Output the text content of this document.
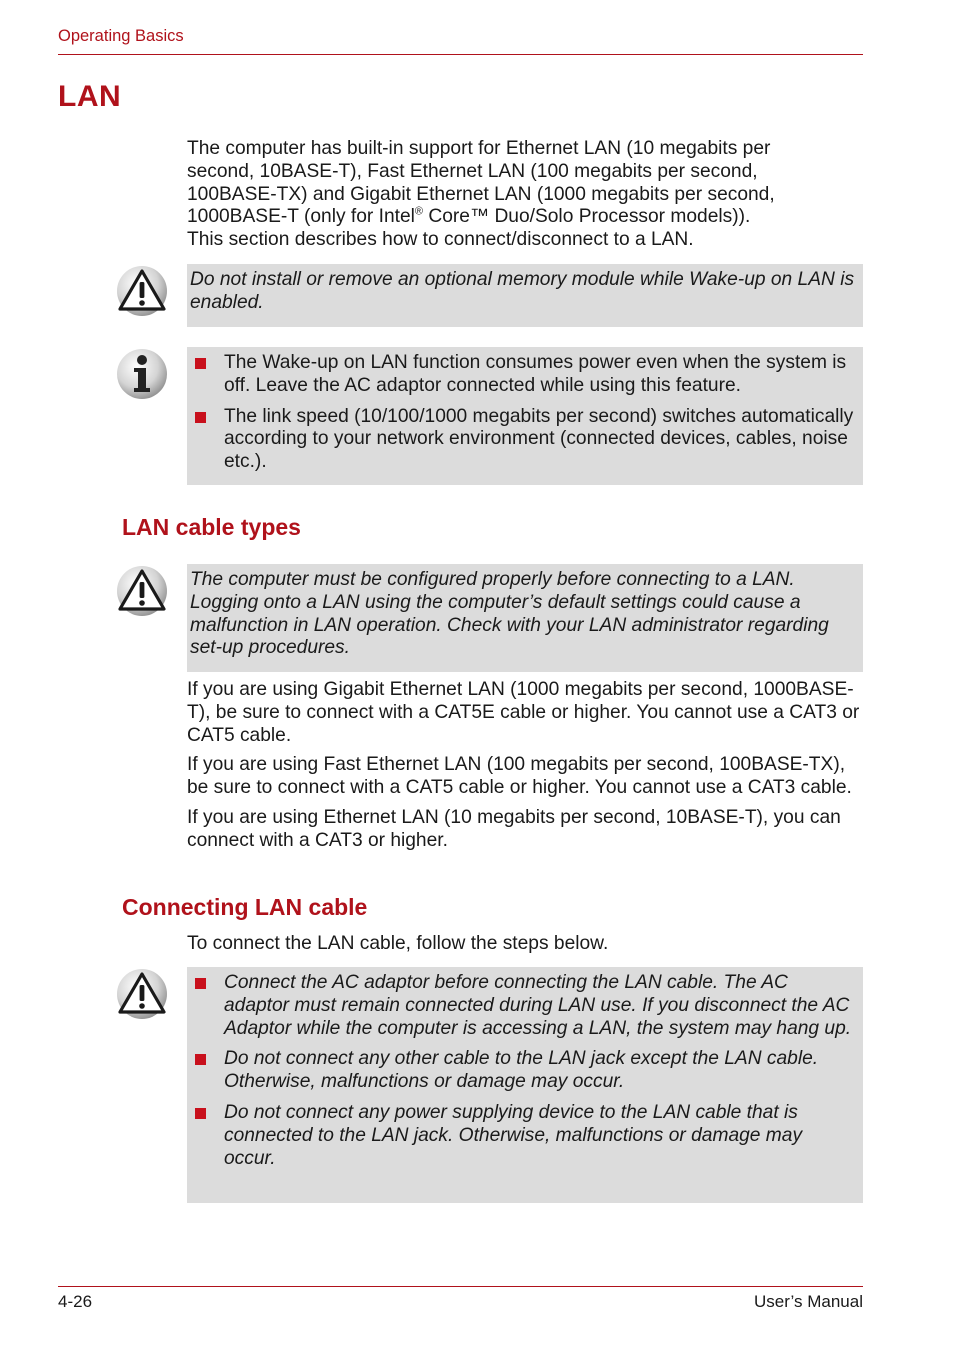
Operating Basics
LAN
The computer has built-in support for Ethernet LAN (10 megabits per
second, 10BASE-T), Fast Ethernet LAN (100 megabits per second,
100BASE-TX) and Gigabit Ethernet LAN (1000 megabits per second,
1000BASE-T (only for Intel® Core™ Duo/Solo Processor models)).
This section describes how to connect/disconnect to a LAN.
Do not install or remove an optional memory module while Wake-up on LAN is enabled.
The Wake-up on LAN function consumes power even when the system is off. Leave the AC adaptor connected while using this feature.
The link speed (10/100/1000 megabits per second) switches automatically according to your network environment (connected devices, cables, noise etc.).
LAN cable types
The computer must be configured properly before connecting to a LAN. Logging onto a LAN using the computer’s default settings could cause a malfunction in LAN operation. Check with your LAN administrator regarding set-up procedures.

If you are using Gigabit Ethernet LAN (1000 megabits per second, 1000BASE-T), be sure to connect with a CAT5E cable or higher. You cannot use a CAT3 or CAT5 cable.

If you are using Fast Ethernet LAN (100 megabits per second, 100BASE-TX), be sure to connect with a CAT5 cable or higher. You cannot use a CAT3 cable.

If you are using Ethernet LAN (10 megabits per second, 10BASE-T), you can connect with a CAT3 or higher.

Connecting LAN cable
To connect the LAN cable, follow the steps below.
Connect the AC adaptor before connecting the LAN cable. The AC adaptor must remain connected during LAN use. If you disconnect the AC Adaptor while the computer is accessing a LAN, the system may hang up.
Do not connect any other cable to the LAN jack except the LAN cable. Otherwise, malfunctions or damage may occur.
Do not connect any power supplying device to the LAN cable that is connected to the LAN jack. Otherwise, malfunctions or damage may occur.
4-26	User’s Manual
